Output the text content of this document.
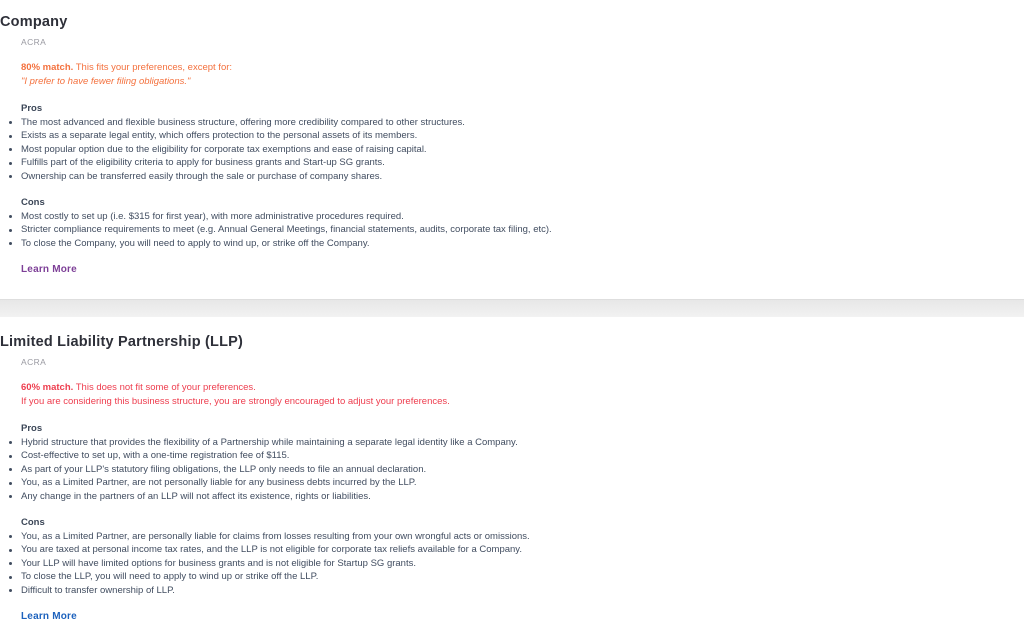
Company
ACRA
80% match. This fits your preferences, except for:
"I prefer to have fewer filing obligations."
Pros
The most advanced and flexible business structure, offering more credibility compared to other structures.
Exists as a separate legal entity, which offers protection to the personal assets of its members.
Most popular option due to the eligibility for corporate tax exemptions and ease of raising capital.
Fulfills part of the eligibility criteria to apply for business grants and Start-up SG grants.
Ownership can be transferred easily through the sale or purchase of company shares.
Cons
Most costly to set up (i.e. $315 for first year), with more administrative procedures required.
Stricter compliance requirements to meet (e.g. Annual General Meetings, financial statements, audits, corporate tax filing, etc).
To close the Company, you will need to apply to wind up, or strike off the Company.
Learn More
Limited Liability Partnership (LLP)
ACRA
60% match. This does not fit some of your preferences.
If you are considering this business structure, you are strongly encouraged to adjust your preferences.
Pros
Hybrid structure that provides the flexibility of a Partnership while maintaining a separate legal identity like a Company.
Cost-effective to set up, with a one-time registration fee of $115.
As part of your LLP's statutory filing obligations, the LLP only needs to file an annual declaration.
You, as a Limited Partner, are not personally liable for any business debts incurred by the LLP.
Any change in the partners of an LLP will not affect its existence, rights or liabilities.
Cons
You, as a Limited Partner, are personally liable for claims from losses resulting from your own wrongful acts or omissions.
You are taxed at personal income tax rates, and the LLP is not eligible for corporate tax reliefs available for a Company.
Your LLP will have limited options for business grants and is not eligible for Startup SG grants.
To close the LLP, you will need to apply to wind up or strike off the LLP.
Difficult to transfer ownership of LLP.
Learn More
